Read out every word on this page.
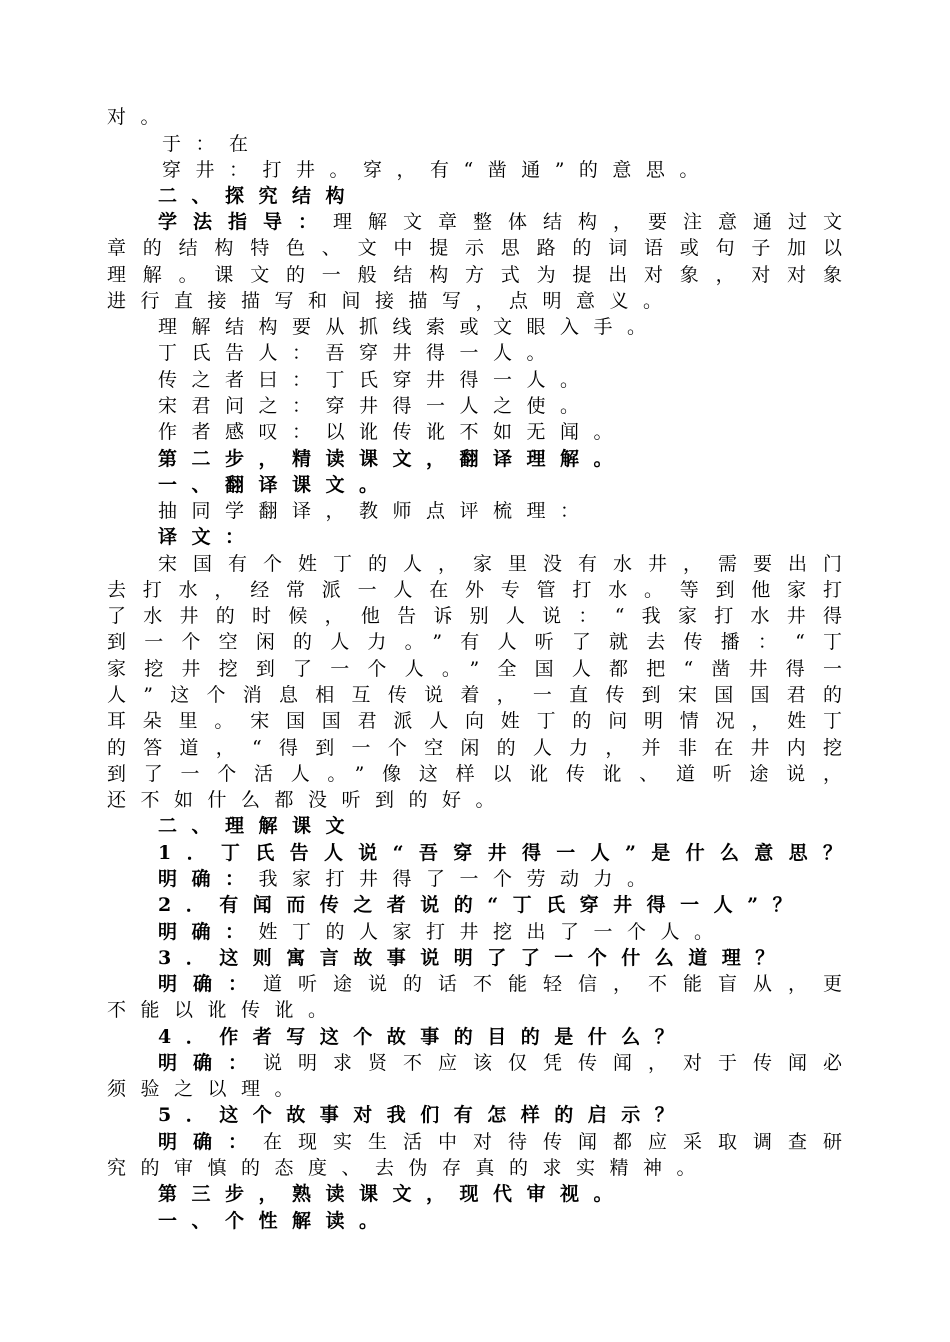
对。
于：在
穿井：打井。穿，有“凿通”的意思。
二、探究结构
学法指导：理解文章整体结构，要注意通过文
章的结构特色、文中提示思路的词语或句子加以
理解。课文的一般结构方式为提出对象，对对象
进行直接描写和间接描写，点明意义。
理解结构要从抓线索或文眼入手。
丁氏告人：吾穿井得一人。
传之者曰：丁氏穿井得一人。
宋君问之：穿井得一人之使。
作者感叹：以讹传讹不如无闻。
第二步，精读课文，翻译理解。
一、翻译课文。
抽同学翻译，教师点评梳理：
译文：
宋国有个姓丁的人，家里没有水井，需要出门
去打水，经常派一人在外专管打水。等到他家打
了水井的时候，他告诉别人说：“我家打水井得
到一个空闲的人力。”有人听了就去传播：“丁
家挖井挖到了一个人。”全国人都把“凿井得一
人”这个消息相互传说着，一直传到宋国国君的
耳朵里。宋国国君派人向姓丁的问明情况，姓丁
的答道，“得到一个空闲的人力，并非在井内挖
到了一个活人。”像这样以讹传讹、道听途说，
还不如什么都没听到的好。
二、理解课文
1．丁氏告人说“吾穿井得一人”是什么意思？
明确：我家打井得了一个劳动力。
2．有闻而传之者说的“丁氏穿井得一人”？
明确：姓丁的人家打井挖出了一个人。
3．这则寓言故事说明了了一个什么道理？
明确：道听途说的话不能轻信，不能盲从，更
不能以讹传讹。
4．作者写这个故事的目的是什么？
明确：说明求贤不应该仅凭传闻，对于传闻必
须验之以理。
5．这个故事对我们有怎样的启示？
明确：在现实生活中对待传闻都应采取调查研
究的审慎的态度、去伪存真的求实精神。
第三步，熟读课文，现代审视。
一、个性解读。
